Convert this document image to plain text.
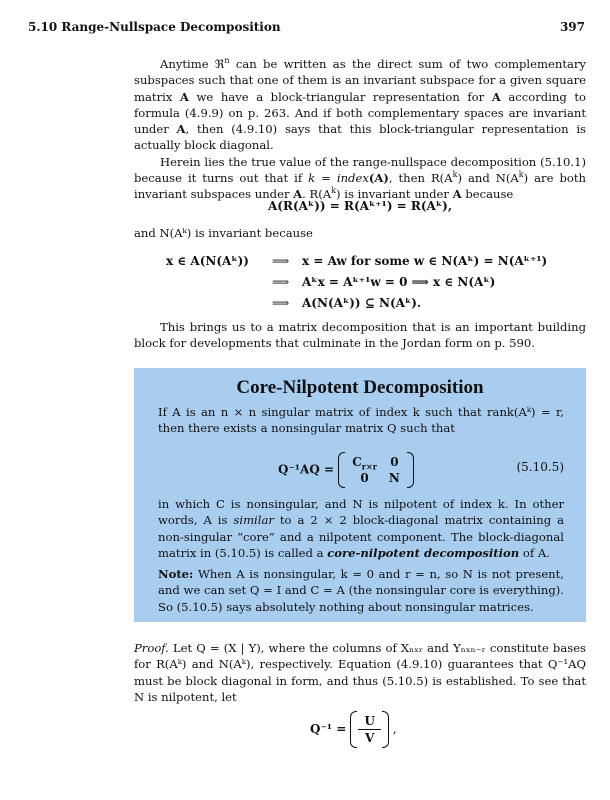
5.10 Range-Nullspace Decomposition	397

Anytime ℜ$^n$ can be written as the direct sum of two complementary subspaces such that one of them is an invariant subspace for a given square matrix A we have a block-triangular representation for A according to formula (4.9.9) on p. 263. And if both complementary spaces are invariant under A, then (4.9.10) says that this block-triangular representation is actually block diagonal.

Herein lies the true value of the range-nullspace decomposition (5.10.1) because it turns out that if k = index(A), then $R(A^k)$ and $N(A^k)$ are both invariant subspaces under A. $R(A^k)$ is invariant under A because

A(R(Aᵏ)) = R(Aᵏ⁺¹) = R(Aᵏ),
and N(Aᵏ) is invariant because
x ∈ A(N(Aᵏ)) ⟹ x = Aw for some w ∈ N(Aᵏ) = N(Aᵏ⁺¹)
⟹ Aᵏx = Aᵏ⁺¹w = 0 ⟹ x ∈ N(Aᵏ)
⟹ A(N(Aᵏ)) ⊆ N(Aᵏ).

This brings us to a matrix decomposition that is an important building block for developments that culminate in the Jordan form on p. 590.

Core-Nilpotent Decomposition
If A is an n × n singular matrix of index k such that rank(Aᵏ) = r, then there exists a nonsingular matrix Q such that
Q⁻¹AQ =
$C_{r\times r}$	0
0	N
(5.10.5)
in which C is nonsingular, and N is nilpotent of index k. In other words, A is similar to a 2 × 2 block-diagonal matrix containing a non-singular “core” and a nilpotent component. The block-diagonal matrix in (5.10.5) is called a core-nilpotent decomposition of A.
Note: When A is nonsingular, k = 0 and r = n, so N is not present, and we can set Q = I and C = A (the nonsingular core is everything). So (5.10.5) says absolutely nothing about nonsingular matrices.

Proof. Let Q = (X | Y), where the columns of Xₙₓᵣ and Yₙₓₙ₋ᵣ constitute bases for R(Aᵏ) and N(Aᵏ), respectively. Equation (4.9.10) guarantees that Q⁻¹AQ must be block diagonal in form, and thus (5.10.5) is established. To see that N is nilpotent, let

Q⁻¹ =
U
V
,
